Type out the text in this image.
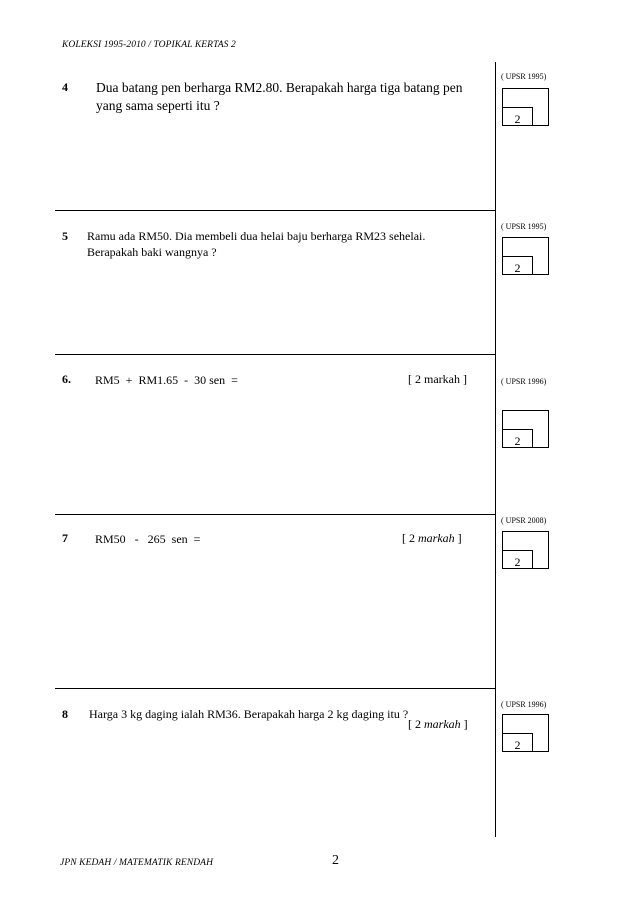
KOLEKSI 1995-2010 / TOPIKAL KERTAS 2
4 Dua batang pen berharga RM2.80. Berapakah harga tiga batang pen
yang sama seperti itu ?
( UPSR 1995)
2
5 Ramu ada RM50. Dia membeli dua helai baju berharga RM23 sehelai.
Berapakah baki wangnya ?
( UPSR 1995)
2
6. RM5  +  RM1.65  -  30 sen  =	[ 2 markah ]	( UPSR 1996)
2
( UPSR 2008)
7 RM50   -   265  sen  =	[ 2 markah ]
2
( UPSR 1996)
8 Harga 3 kg daging ialah RM36. Berapakah harga 2 kg daging itu ?
[ 2 markah ]
2
JPN KEDAH / MATEMATIK RENDAH	2
